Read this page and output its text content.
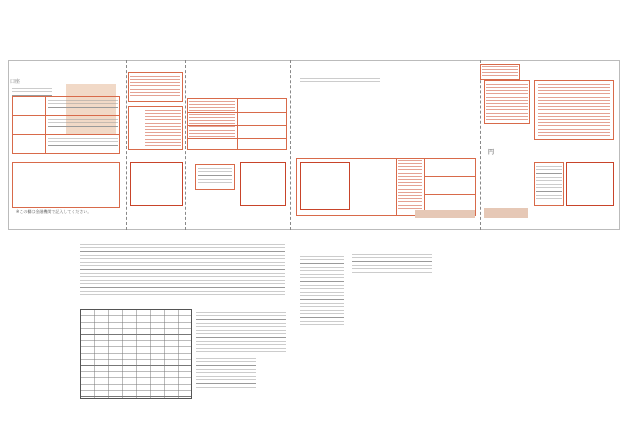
口座
※この欄は金融機関で記入してください。
円
